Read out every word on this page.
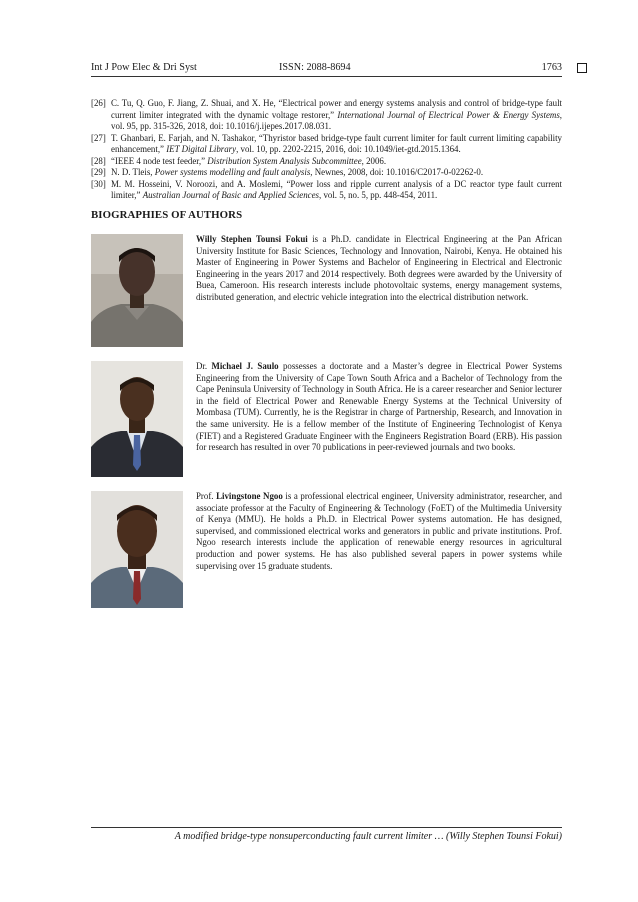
Int J Pow Elec & Dri Syst	ISSN: 2088-8694	1763
[26] C. Tu, Q. Guo, F. Jiang, Z. Shuai, and X. He, “Electrical power and energy systems analysis and control of bridge-type fault current limiter integrated with the dynamic voltage restorer,” International Journal of Electrical Power & Energy Systems, vol. 95, pp. 315-326, 2018, doi: 10.1016/j.ijepes.2017.08.031.
[27] T. Ghanbari, E. Farjah, and N. Tashakor, “Thyristor based bridge-type fault current limiter for fault current limiting capability enhancement,” IET Digital Library, vol. 10, pp. 2202-2215, 2016, doi: 10.1049/iet-gtd.2015.1364.
[28] “IEEE 4 node test feeder,” Distribution System Analysis Subcommittee, 2006.
[29] N. D. Tleis, Power systems modelling and fault analysis, Newnes, 2008, doi: 10.1016/C2017-0-02262-0.
[30] M. M. Hosseini, V. Noroozi, and A. Moslemi, “Power loss and ripple current analysis of a DC reactor type fault current limiter,” Australian Journal of Basic and Applied Sciences, vol. 5, no. 5, pp. 448-454, 2011.
BIOGRAPHIES OF AUTHORS
Willy Stephen Tounsi Fokui is a Ph.D. candidate in Electrical Engineering at the Pan African University Institute for Basic Sciences, Technology and Innovation, Nairobi, Kenya. He obtained his Master of Engineering in Power Systems and Bachelor of Engineering in Electrical and Electronic Engineering in the years 2017 and 2014 respectively. Both degrees were awarded by the University of Buea, Cameroon. His research interests include photovoltaic systems, energy management systems, distributed generation, and electric vehicle integration into the electrical distribution network.
Dr. Michael J. Saulo possesses a doctorate and a Master’s degree in Electrical Power Systems Engineering from the University of Cape Town South Africa and a Bachelor of Technology from the Cape Peninsula University of Technology in South Africa. He is a career researcher and Senior lecturer in the field of Electrical Power and Renewable Energy Systems at the Technical University of Mombasa (TUM). Currently, he is the Registrar in charge of Partnership, Research, and Innovation in the same university. He is a fellow member of the Institute of Engineering Technologist of Kenya (FIET) and a Registered Graduate Engineer with the Engineers Registration Board (ERB). His passion for research has resulted in over 70 publications in peer-reviewed journals and two books.
Prof. Livingstone Ngoo is a professional electrical engineer, University administrator, researcher, and associate professor at the Faculty of Engineering & Technology (FoET) of the Multimedia University of Kenya (MMU). He holds a Ph.D. in Electrical Power systems automation. He has designed, supervised, and commissioned electrical works and generators in public and private institutions. Prof. Ngoo research interests include the application of renewable energy resources in agricultural production and power systems. He has also published several papers in power systems while supervising over 15 graduate students.
A modified bridge-type nonsuperconducting fault current limiter … (Willy Stephen Tounsi Fokui)
